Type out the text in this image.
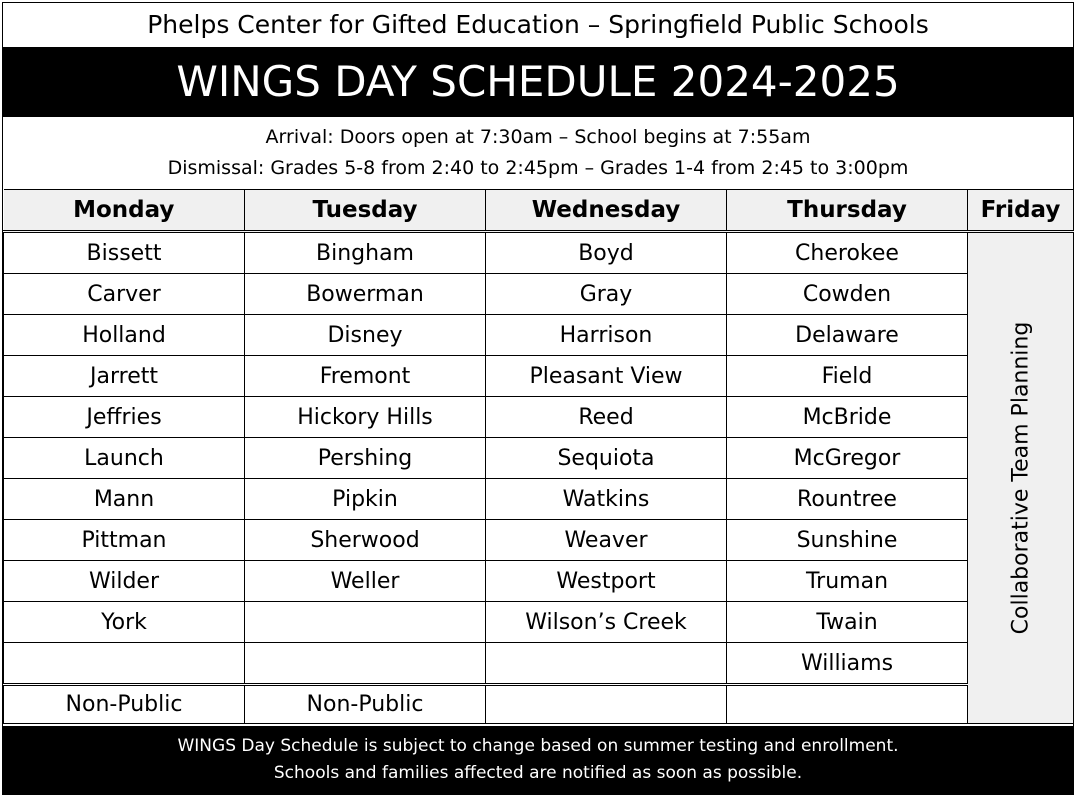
Phelps Center for Gifted Education – Springfield Public Schools
WINGS DAY SCHEDULE 2024-2025
Arrival: Doors open at 7:30am – School begins at 7:55am
Dismissal: Grades 5-8 from 2:40 to 2:45pm – Grades 1-4 from 2:45 to 3:00pm
Monday	Tuesday	Wednesday	Thursday	Friday
Bissett	Bingham	Boyd	Cherokee	Collaborative Team Planning

Carver	Bowerman	Gray	Cowden	
Holland	Disney	Harrison	Delaware	
Jarrett	Fremont	Pleasant View	Field	
Jeffries	Hickory Hills	Reed	McBride	
Launch	Pershing	Sequiota	McGregor	
Mann	Pipkin	Watkins	Rountree	
Pittman	Sherwood	Weaver	Sunshine	
Wilder	Weller	Westport	Truman	
York		Wilson’s Creek	Twain	
			Williams	
Non-Public	Non-Public			
WINGS Day Schedule is subject to change based on summer testing and enrollment.
Schools and families affected are notified as soon as possible.
